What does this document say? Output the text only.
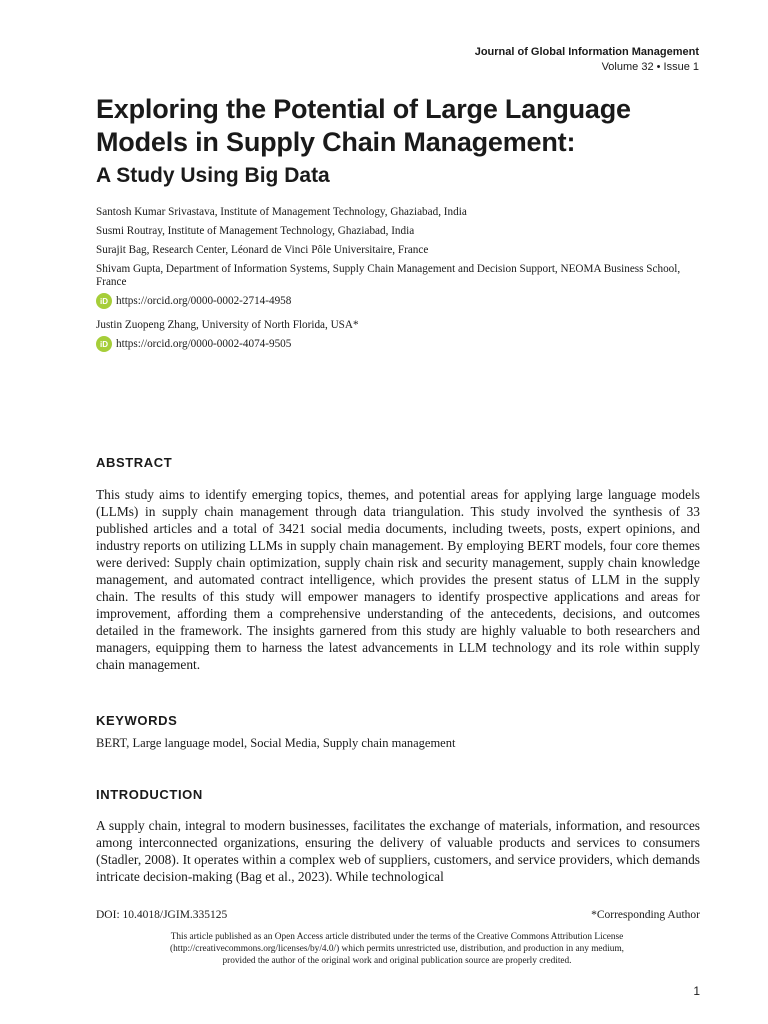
Journal of Global Information Management
Volume 32 • Issue 1
Exploring the Potential of Large Language
Models in Supply Chain Management:
A Study Using Big Data
Santosh Kumar Srivastava, Institute of Management Technology, Ghaziabad, India
Susmi Routray, Institute of Management Technology, Ghaziabad, India
Surajit Bag, Research Center, Léonard de Vinci Pôle Universitaire, France
Shivam Gupta, Department of Information Systems, Supply Chain Management and Decision Support, NEOMA Business School, France
iD https://orcid.org/0000-0002-2714-4958
Justin Zuopeng Zhang, University of North Florida, USA*
iD https://orcid.org/0000-0002-4074-9505
ABSTRACT
This study aims to identify emerging topics, themes, and potential areas for applying large language models (LLMs) in supply chain management through data triangulation. This study involved the synthesis of 33 published articles and a total of 3421 social media documents, including tweets, posts, expert opinions, and industry reports on utilizing LLMs in supply chain management. By employing BERT models, four core themes were derived: Supply chain optimization, supply chain risk and security management, supply chain knowledge management, and automated contract intelligence, which provides the present status of LLM in the supply chain. The results of this study will empower managers to identify prospective applications and areas for improvement, affording them a comprehensive understanding of the antecedents, decisions, and outcomes detailed in the framework. The insights garnered from this study are highly valuable to both researchers and managers, equipping them to harness the latest advancements in LLM technology and its role within supply chain management.
KEYWORDS
BERT, Large language model, Social Media, Supply chain management
INTRODUCTION
A supply chain, integral to modern businesses, facilitates the exchange of materials, information, and resources among interconnected organizations, ensuring the delivery of valuable products and services to consumers (Stadler, 2008). It operates within a complex web of suppliers, customers, and service providers, which demands intricate decision-making (Bag et al., 2023). While technological
DOI: 10.4018/JGIM.335125	*Corresponding Author
This article published as an Open Access article distributed under the terms of the Creative Commons Attribution License
(http://creativecommons.org/licenses/by/4.0/) which permits unrestricted use, distribution, and production in any medium,
provided the author of the original work and original publication source are properly credited.
1
